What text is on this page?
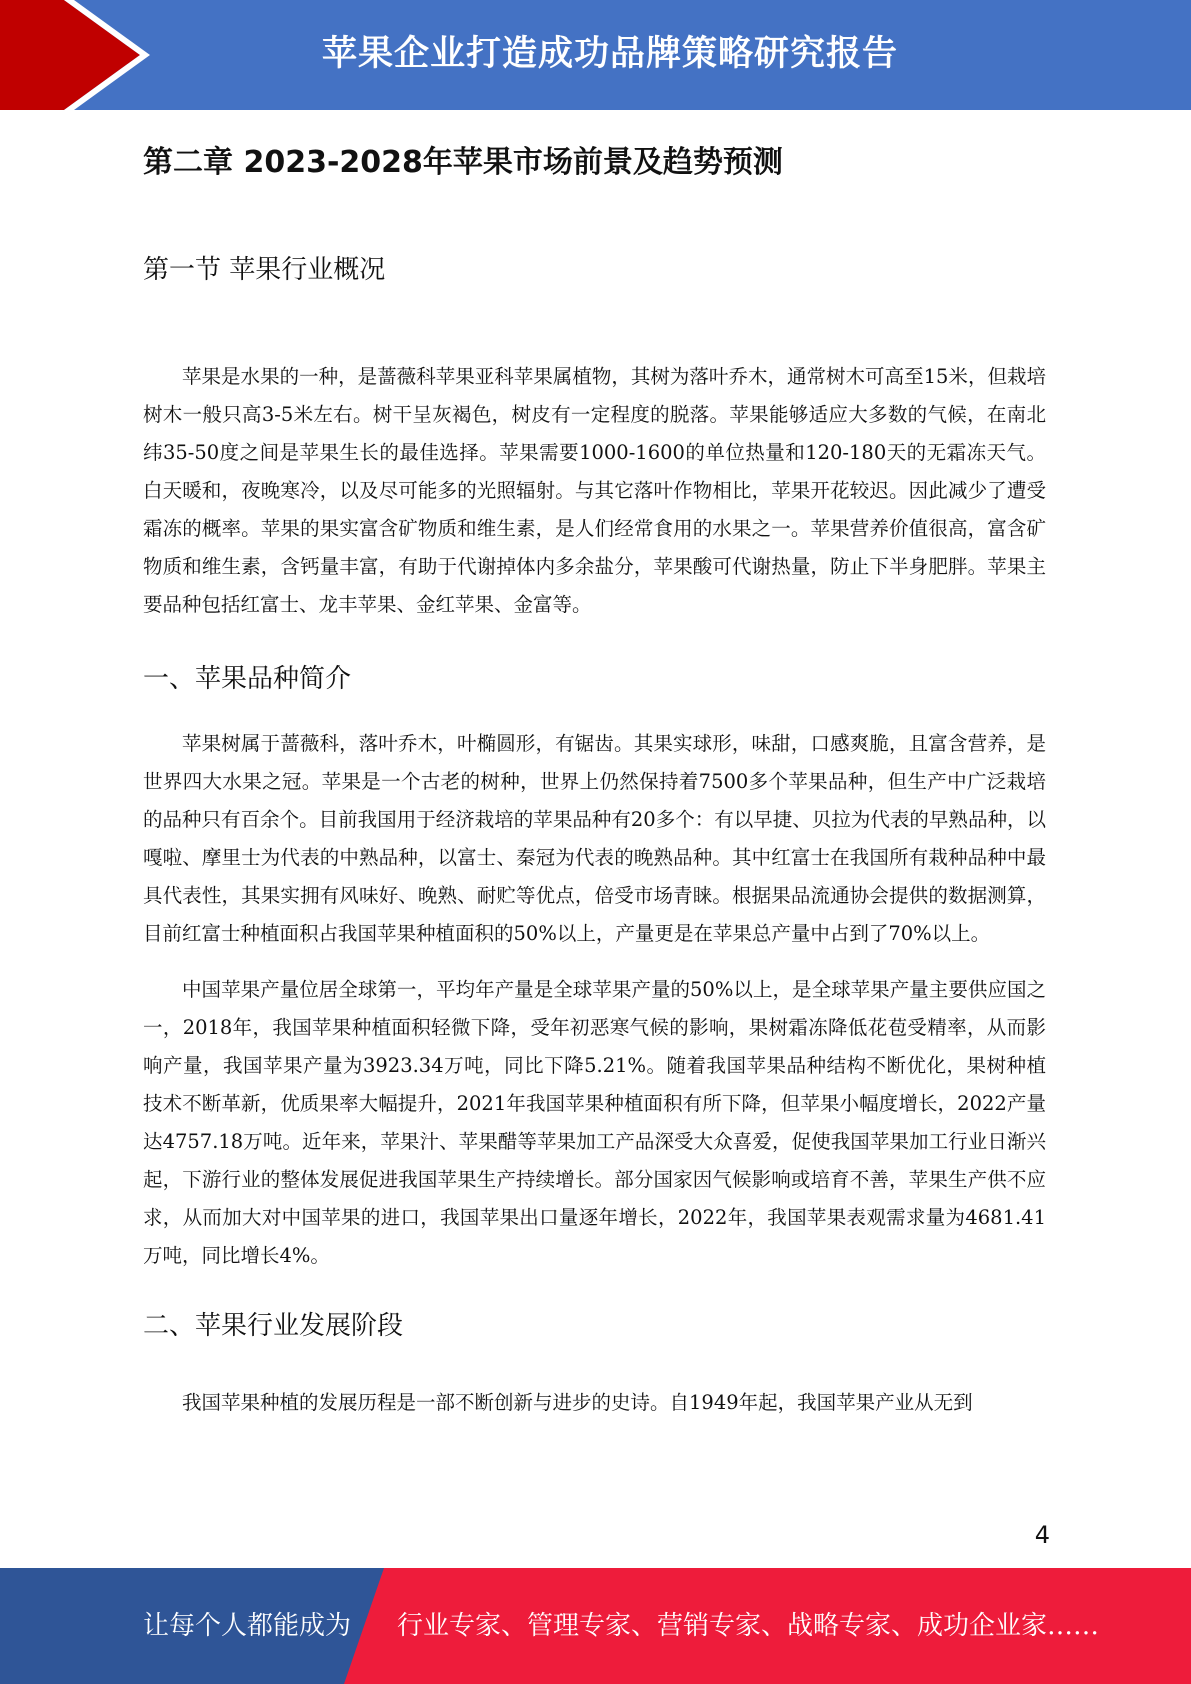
苹果企业打造成功品牌策略研究报告
第二章 2023-2028年苹果市场前景及趋势预测
第一节 苹果行业概况

苹果是水果的一种，是蔷薇科苹果亚科苹果属植物，其树为落叶乔木，通常树木可高至15米，但栽培树木一般只高3-5米左右。树干呈灰褐色，树皮有一定程度的脱落。苹果能够适应大多数的气候，在南北纬35-50度之间是苹果生长的最佳选择。苹果需要1000-1600的单位热量和120-180天的无霜冻天气。白天暖和，夜晚寒冷，以及尽可能多的光照辐射。与其它落叶作物相比，苹果开花较迟。因此减少了遭受霜冻的概率。苹果的果实富含矿物质和维生素，是人们经常食用的水果之一。苹果营养价值很高，富含矿物质和维生素，含钙量丰富，有助于代谢掉体内多余盐分，苹果酸可代谢热量，防止下半身肥胖。苹果主要品种包括红富士、龙丰苹果、金红苹果、金富等。

一、苹果品种简介

苹果树属于蔷薇科，落叶乔木，叶椭圆形，有锯齿。其果实球形，味甜，口感爽脆，且富含营养，是世界四大水果之冠。苹果是一个古老的树种，世界上仍然保持着7500多个苹果品种，但生产中广泛栽培的品种只有百余个。目前我国用于经济栽培的苹果品种有20多个：有以早捷、贝拉为代表的早熟品种，以嘎啦、摩里士为代表的中熟品种，以富士、秦冠为代表的晚熟品种。其中红富士在我国所有栽种品种中最具代表性，其果实拥有风味好、晚熟、耐贮等优点，倍受市场青睐。根据果品流通协会提供的数据测算，目前红富士种植面积占我国苹果种植面积的50%以上，产量更是在苹果总产量中占到了70%以上。

中国苹果产量位居全球第一，平均年产量是全球苹果产量的50%以上，是全球苹果产量主要供应国之一，2018年，我国苹果种植面积轻微下降，受年初恶寒气候的影响，果树霜冻降低花苞受精率，从而影响产量，我国苹果产量为3923.34万吨，同比下降5.21%。随着我国苹果品种结构不断优化，果树种植技术不断革新，优质果率大幅提升，2021年我国苹果种植面积有所下降，但苹果小幅度增长，2022产量达4757.18万吨。近年来，苹果汁、苹果醋等苹果加工产品深受大众喜爱，促使我国苹果加工行业日渐兴起，下游行业的整体发展促进我国苹果生产持续增长。部分国家因气候影响或培育不善，苹果生产供不应求，从而加大对中国苹果的进口，我国苹果出口量逐年增长，2022年，我国苹果表观需求量为4681.41万吨，同比增长4%。

二、苹果行业发展阶段

我国苹果种植的发展历程是一部不断创新与进步的史诗。自1949年起，我国苹果产业从无到

4
让每个人都能成为 行业专家、管理专家、营销专家、战略专家、成功企业家……
